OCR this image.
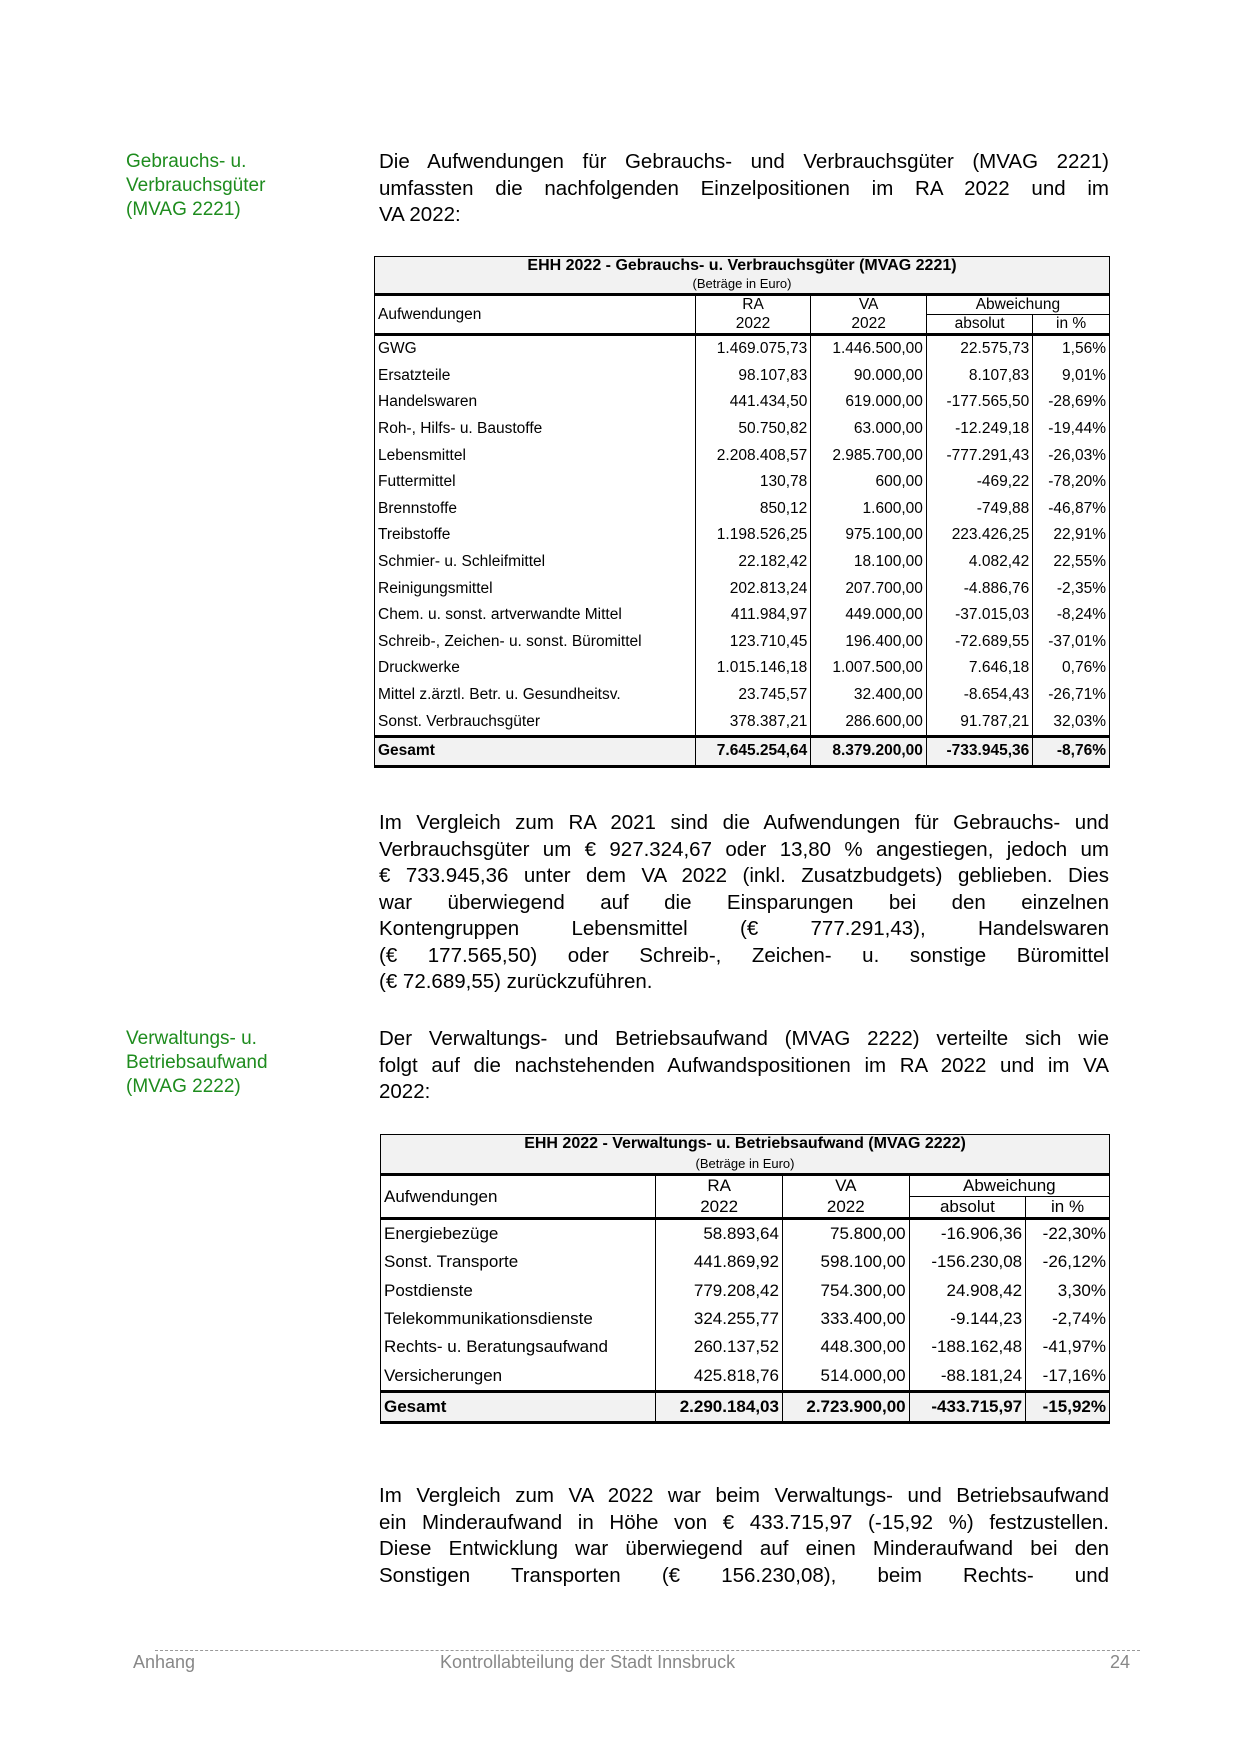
Gebrauchs- u.
Verbrauchsgüter
(MVAG 2221)
Die Aufwendungen für Gebrauchs- und Verbrauchsgüter (MVAG 2221)
umfassten die nachfolgenden Einzelpositionen im RA 2022 und im
VA 2022:
EHH 2022 - Gebrauchs- u. Verbrauchsgüter (MVAG 2221)
(Beträge in Euro)				
Aufwendungen	RA	VA	Abweichung	
	2022	2022	absolut	in %
GWG	1.469.075,73	1.446.500,00	22.575,73	1,56%
Ersatzteile	98.107,83	90.000,00	8.107,83	9,01%
Handelswaren	441.434,50	619.000,00	-177.565,50	-28,69%
Roh-, Hilfs- u. Baustoffe	50.750,82	63.000,00	-12.249,18	-19,44%
Lebensmittel	2.208.408,57	2.985.700,00	-777.291,43	-26,03%
Futtermittel	130,78	600,00	-469,22	-78,20%
Brennstoffe	850,12	1.600,00	-749,88	-46,87%
Treibstoffe	1.198.526,25	975.100,00	223.426,25	22,91%
Schmier- u. Schleifmittel	22.182,42	18.100,00	4.082,42	22,55%
Reinigungsmittel	202.813,24	207.700,00	-4.886,76	-2,35%
Chem. u. sonst. artverwandte Mittel	411.984,97	449.000,00	-37.015,03	-8,24%
Schreib-, Zeichen- u. sonst. Büromittel	123.710,45	196.400,00	-72.689,55	-37,01%
Druckwerke	1.015.146,18	1.007.500,00	7.646,18	0,76%
Mittel z.ärztl. Betr. u. Gesundheitsv.	23.745,57	32.400,00	-8.654,43	-26,71%
Sonst. Verbrauchsgüter	378.387,21	286.600,00	91.787,21	32,03%
Gesamt	7.645.254,64	8.379.200,00	-733.945,36	-8,76%
Im Vergleich zum RA 2021 sind die Aufwendungen für Gebrauchs- und
Verbrauchsgüter um € 927.324,67 oder 13,80 % angestiegen, jedoch um
€ 733.945,36 unter dem VA 2022 (inkl. Zusatzbudgets) geblieben. Dies
war überwiegend auf die Einsparungen bei den einzelnen
Kontengruppen Lebensmittel (€ 777.291,43), Handelswaren
(€ 177.565,50) oder Schreib-, Zeichen- u. sonstige Büromittel
(€ 72.689,55) zurückzuführen.
Verwaltungs- u.
Betriebsaufwand
(MVAG 2222)
Der Verwaltungs- und Betriebsaufwand (MVAG 2222) verteilte sich wie
folgt auf die nachstehenden Aufwandspositionen im RA 2022 und im VA
2022:
EHH 2022 - Verwaltungs- u. Betriebsaufwand (MVAG 2222)
(Beträge in Euro)				
Aufwendungen	RA	VA	Abweichung	
	2022	2022	absolut	in %
Energiebezüge	58.893,64	75.800,00	-16.906,36	-22,30%
Sonst. Transporte	441.869,92	598.100,00	-156.230,08	-26,12%
Postdienste	779.208,42	754.300,00	24.908,42	3,30%
Telekommunikationsdienste	324.255,77	333.400,00	-9.144,23	-2,74%
Rechts- u. Beratungsaufwand	260.137,52	448.300,00	-188.162,48	-41,97%
Versicherungen	425.818,76	514.000,00	-88.181,24	-17,16%
Gesamt	2.290.184,03	2.723.900,00	-433.715,97	-15,92%
Im Vergleich zum VA 2022 war beim Verwaltungs- und Betriebsaufwand
ein Minderaufwand in Höhe von € 433.715,97 (-15,92 %) festzustellen.
Diese Entwicklung war überwiegend auf einen Minderaufwand bei den
Sonstigen Transporten (€ 156.230,08), beim Rechts- und
Anhang	Kontrollabteilung der Stadt Innsbruck	24
